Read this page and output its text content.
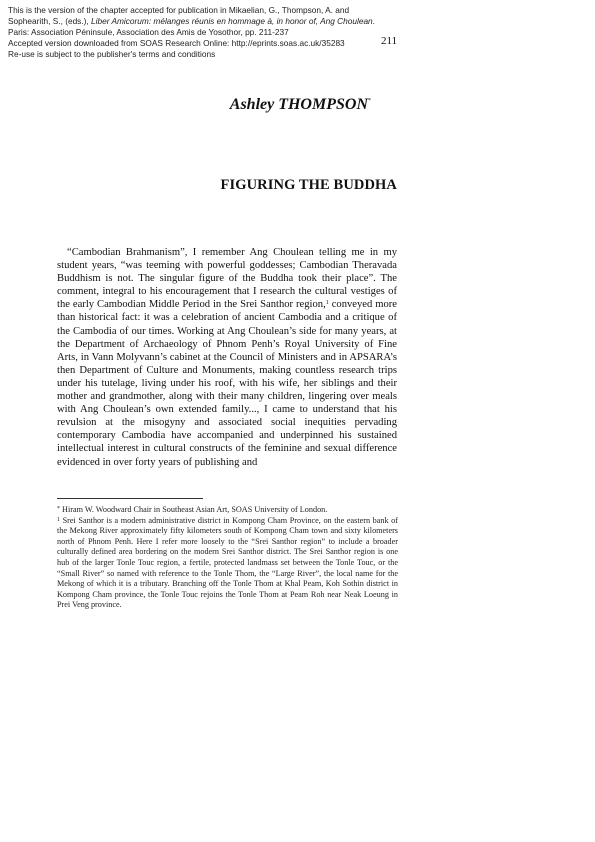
This is the version of the chapter accepted for publication in Mikaelian, G., Thompson, A. and Sophearith, S., (eds.), Liber Amicorum: mélanges réunis en hommage à, in honor of, Ang Choulean. Paris: Association Péninsule, Association des Amis de Yosothor, pp. 211-237

Accepted version downloaded from SOAS Research Online: http://eprints.soas.ac.uk/35283

Re-use is subject to the publisher's terms and conditions

211
Ashley THOMPSON*
FIGURING THE BUDDHA

“Cambodian Brahmanism”, I remember Ang Choulean telling me in my student years, “was teeming with powerful goddesses; Cambodian Theravada Buddhism is not. The singular figure of the Buddha took their place”. The comment, integral to his encouragement that I research the cultural vestiges of the early Cambodian Middle Period in the Srei Santhor region,$^1$ conveyed more than historical fact: it was a celebration of ancient Cambodia and a critique of the Cambodia of our times. Working at Ang Choulean’s side for many years, at the Department of Archaeology of Phnom Penh’s Royal University of Fine Arts, in Vann Molyvann’s cabinet at the Council of Ministers and in APSARA’s then Department of Culture and Monuments, making countless research trips under his tutelage, living under his roof, with his wife, her siblings and their mother and grandmother, along with their many children, lingering over meals with Ang Choulean’s own extended family..., I came to understand that his revulsion at the misogyny and associated social inequities pervading contemporary Cambodia have accompanied and underpinned his sustained intellectual interest in cultural constructs of the feminine and sexual difference evidenced in over forty years of publishing and

* Hiram W. Woodward Chair in Southeast Asian Art, SOAS University of London.

$^1$ Srei Santhor is a modern administrative district in Kompong Cham Province, on the eastern bank of the Mekong River approximately fifty kilometers south of Kompong Cham town and sixty kilometers north of Phnom Penh. Here I refer more loosely to the “Srei Santhor region” to include a broader culturally defined area bordering on the modern Srei Santhor district. The Srei Santhor region is one hub of the larger Tonle Touc region, a fertile, protected landmass set between the Tonle Touc, or the “Small River” so named with reference to the Tonle Thom, the “Large River”, the local name for the Mekong of which it is a tributary. Branching off the Tonle Thom at Khal Peam, Koh Sothin district in Kompong Cham province, the Tonle Touc rejoins the Tonle Thom at Peam Roh near Neak Loeung in Prei Veng province.
